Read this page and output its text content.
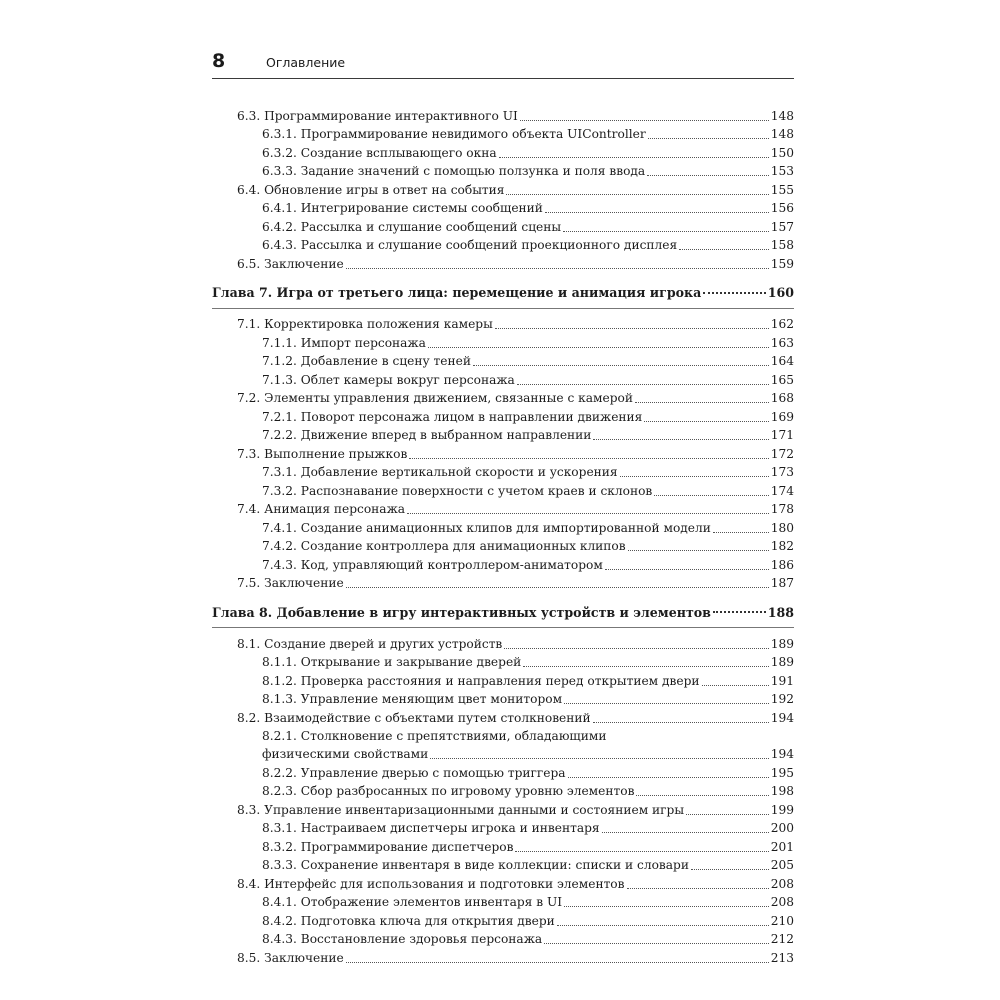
8	Оглавление
6.3. Программирование интерактивного UI	148
6.3.1. Программирование невидимого объекта UIController	148
6.3.2. Создание всплывающего окна	150
6.3.3. Задание значений с помощью ползунка и поля ввода	153
6.4. Обновление игры в ответ на события	155
6.4.1. Интегрирование системы сообщений	156
6.4.2. Рассылка и слушание сообщений сцены	157
6.4.3. Рассылка и слушание сообщений проекционного дисплея	158
6.5. Заключение	159
Глава 7. Игра от третьего лица: перемещение и анимация игрока	160
7.1. Корректировка положения камеры	162
7.1.1. Импорт персонажа	163
7.1.2. Добавление в сцену теней	164
7.1.3. Облет камеры вокруг персонажа	165
7.2. Элементы управления движением, связанные с камерой	168
7.2.1. Поворот персонажа лицом в направлении движения	169
7.2.2. Движение вперед в выбранном направлении	171
7.3. Выполнение прыжков	172
7.3.1. Добавление вертикальной скорости и ускорения	173
7.3.2. Распознавание поверхности с учетом краев и склонов	174
7.4. Анимация персонажа	178
7.4.1. Создание анимационных клипов для импортированной модели	180
7.4.2. Создание контроллера для анимационных клипов	182
7.4.3. Код, управляющий контроллером-аниматором	186
7.5. Заключение	187
Глава 8. Добавление в игру интерактивных устройств и элементов	188
8.1. Создание дверей и других устройств	189
8.1.1. Открывание и закрывание дверей	189
8.1.2. Проверка расстояния и направления перед открытием двери	191
8.1.3. Управление меняющим цвет монитором	192
8.2. Взаимодействие с объектами путем столкновений	194
8.2.1. Столкновение с препятствиями, обладающими
физическими свойствами	194
8.2.2. Управление дверью с помощью триггера	195
8.2.3. Сбор разбросанных по игровому уровню элементов	198
8.3. Управление инвентаризационными данными и состоянием игры	199
8.3.1. Настраиваем диспетчеры игрока и инвентаря	200
8.3.2. Программирование диспетчеров	201
8.3.3. Сохранение инвентаря в виде коллекции: списки и словари	205
8.4. Интерфейс для использования и подготовки элементов	208
8.4.1. Отображение элементов инвентаря в UI	208
8.4.2. Подготовка ключа для открытия двери	210
8.4.3. Восстановление здоровья персонажа	212
8.5. Заключение	213
